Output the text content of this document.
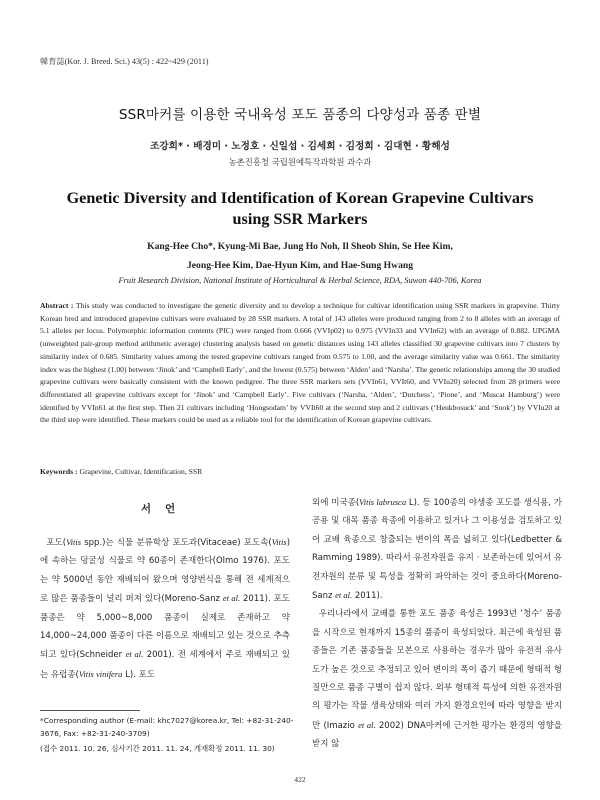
韓育誌(Kor. J. Breed. Sci.) 43(5) : 422~429 (2011)
SSR마커를 이용한 국내육성 포도 품종의 다양성과 품종 판별
조강희* · 배경미 · 노정호 · 신일섭 · 김세희 · 김정희 · 김대현 · 황해성
농촌진흥청 국립원예특작과학원 과수과
Genetic Diversity and Identification of Korean Grapevine Cultivars
using SSR Markers
Kang-Hee Cho*, Kyung-Mi Bae, Jung Ho Noh, Il Sheob Shin, Se Hee Kim,
Jeong-Hee Kim, Dae-Hyun Kim, and Hae-Sung Hwang
Fruit Research Division, National Institute of Horticultural & Herbal Science, RDA, Suwon 440-706, Korea
Abstract : This study was conducted to investigate the genetic diversity and to develop a technique for cultivar identification using SSR markers in grapevine. Thirty Korean bred and introduced grapevine cultivars were evaluated by 28 SSR markers. A total of 143 alleles were produced ranging from 2 to 8 alleles with an average of 5.1 alleles per locus. Polymorphic information contents (PIC) were ranged from 0.666 (VVIp02) to 0.975 (VVIn33 and VVIn62) with an average of 0.882. UPGMA (unweighted pair-group method arithmetic average) clustering analysis based on genetic distances using 143 alleles classified 30 grapevine cultivars into 7 clusters by similarity index of 0.685. Similarity values among the tested grapevine cultivars ranged from 0.575 to 1.00, and the average similarity value was 0.661. The similarity index was the highest (1.00) between ‘Jinok’ and ‘Campbell Early’, and the lowest (0.575) between ‘Alden’ and ‘Narsha’. The genetic relationships among the 30 studied grapevine cultivars were basically consistent with the known pedigree. The three SSR markers sets (VVIn61, VVIt60, and VVIu20) selected from 28 primers were differentiated all grapevine cultivars except for ‘Jinok’ and ‘Campbell Early’. Five cultivars (‘Narsha, ‘Alden’, ‘Dutchess’, ‘Pione’, and ‘Muscat Hamburg’) were identified by VVIn61 at the first step. Then 21 cultivars including ‘Hongsodam’ by VVIt60 at the second step and 2 cultivars (‘Heukbosuck’ and ‘Suok’) by VVIu20 at the third step were identified. These markers could be used as a reliable tool for the identification of Korean grapevine cultivars.
Keywords : Grapevine, Cultivar, Identification, SSR
서언
포도(Vitis spp.)는 식물 분류학상 포도과(Vitaceae) 포도속(Vitis)에 속하는 덩굴성 식물로 약 60종이 존재한다(Olmo 1976). 포도는 약 5000년 동안 재배되어 왔으며 영양번식을 통해 전 세계적으로 많은 품종들이 널리 퍼져 있다(Moreno-Sanz et al. 2011). 포도 품종은 약 5,000~8,000 품종이 실제로 존재하고 약 14,000~24,000 품종이 다른 이름으로 재배되고 있는 것으로 추측되고 있다(Schneider et al. 2001). 전 세계에서 주로 재배되고 있는 유럽종(Vitis vinifera L). 포도
외에 미국종(Vitis labrusca L). 등 100종의 야생종 포도를 생식용, 가공용 및 대목 품종 육종에 이용하고 있거나 그 이용성을 검토하고 있어 교배 육종으로 창출되는 변이의 폭을 넓히고 있다(Ledbetter & Ramming 1989). 따라서 유전자원을 유지 · 보존하는데 있어서 유전자원의 분류 및 특성을 정확히 파악하는 것이 중요하다(Moreno-Sanz et al. 2011).
우리나라에서 교배를 통한 포도 품종 육성은 1993년 ‘청수’ 품종을 시작으로 현재까지 15종의 품종이 육성되었다. 최근에 육성된 품종들은 기존 품종들을 모본으로 사용하는 경우가 많아 유전적 유사도가 높은 것으로 추정되고 있어 변이의 폭이 좁기 때문에 형태적 형질만으로 품종 구별이 쉽지 않다. 외부 형태적 특성에 의한 유전자원의 평가는 작물 생육상태와 여러 가지 환경요인에 따라 영향을 받지만 (Imazio et al. 2002) DNA마커에 근거한 평가는 환경의 영향을 받지 않
*Corresponding author (E-mail: khc7027@korea.kr, Tel: +82-31-240-3676, Fax: +82-31-240-3709)
(접수 2011. 10. 26, 심사기간 2011. 11. 24, 게재확정 2011. 11. 30)
422
